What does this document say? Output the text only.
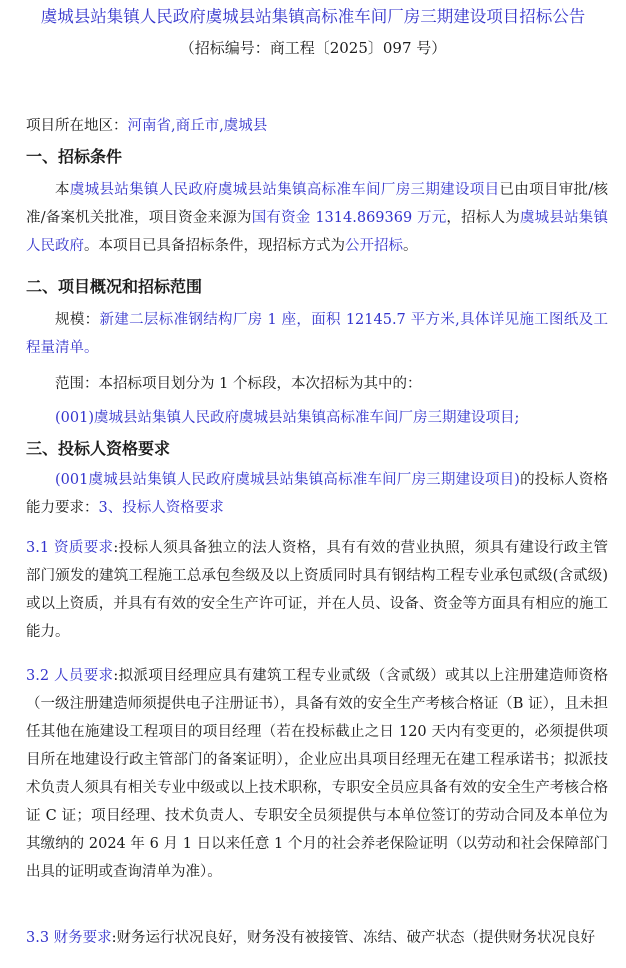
虞城县站集镇人民政府虞城县站集镇高标准车间厂房三期建设项目招标公告
（招标编号：商工程〔2025〕097 号）
项目所在地区：河南省,商丘市,虞城县
一、招标条件
本虞城县站集镇人民政府虞城县站集镇高标准车间厂房三期建设项目已由项目审批/核准/备案机关批准，项目资金来源为国有资金 1314.869369 万元，招标人为虞城县站集镇人民政府。本项目已具备招标条件，现招标方式为公开招标。
二、项目概况和招标范围
规模：新建二层标准钢结构厂房 1 座，面积 12145.7 平方米,具体详见施工图纸及工程量清单。
范围：本招标项目划分为 1 个标段，本次招标为其中的：
(001)虞城县站集镇人民政府虞城县站集镇高标准车间厂房三期建设项目;
三、投标人资格要求
(001虞城县站集镇人民政府虞城县站集镇高标准车间厂房三期建设项目)的投标人资格能力要求：3、投标人资格要求
3.1 资质要求:投标人须具备独立的法人资格，具有有效的营业执照，须具有建设行政主管部门颁发的建筑工程施工总承包叁级及以上资质同时具有钢结构工程专业承包贰级(含贰级)或以上资质，并具有有效的安全生产许可证，并在人员、设备、资金等方面具有相应的施工能力。
3.2 人员要求:拟派项目经理应具有建筑工程专业贰级（含贰级）或其以上注册建造师资格（一级注册建造师须提供电子注册证书），具备有效的安全生产考核合格证（B 证），且未担任其他在施建设工程项目的项目经理（若在投标截止之日 120 天内有变更的，必须提供项目所在地建设行政主管部门的备案证明），企业应出具项目经理无在建工程承诺书；拟派技术负责人须具有相关专业中级或以上技术职称，专职安全员应具备有效的安全生产考核合格证 C 证；项目经理、技术负责人、专职安全员须提供与本单位签订的劳动合同及本单位为其缴纳的 2024 年 6 月 1 日以来任意 1 个月的社会养老保险证明（以劳动和社会保障部门出具的证明或查询清单为准）。
3.3 财务要求:财务运行状况良好，财务没有被接管、冻结、破产状态（提供财务状况良好
